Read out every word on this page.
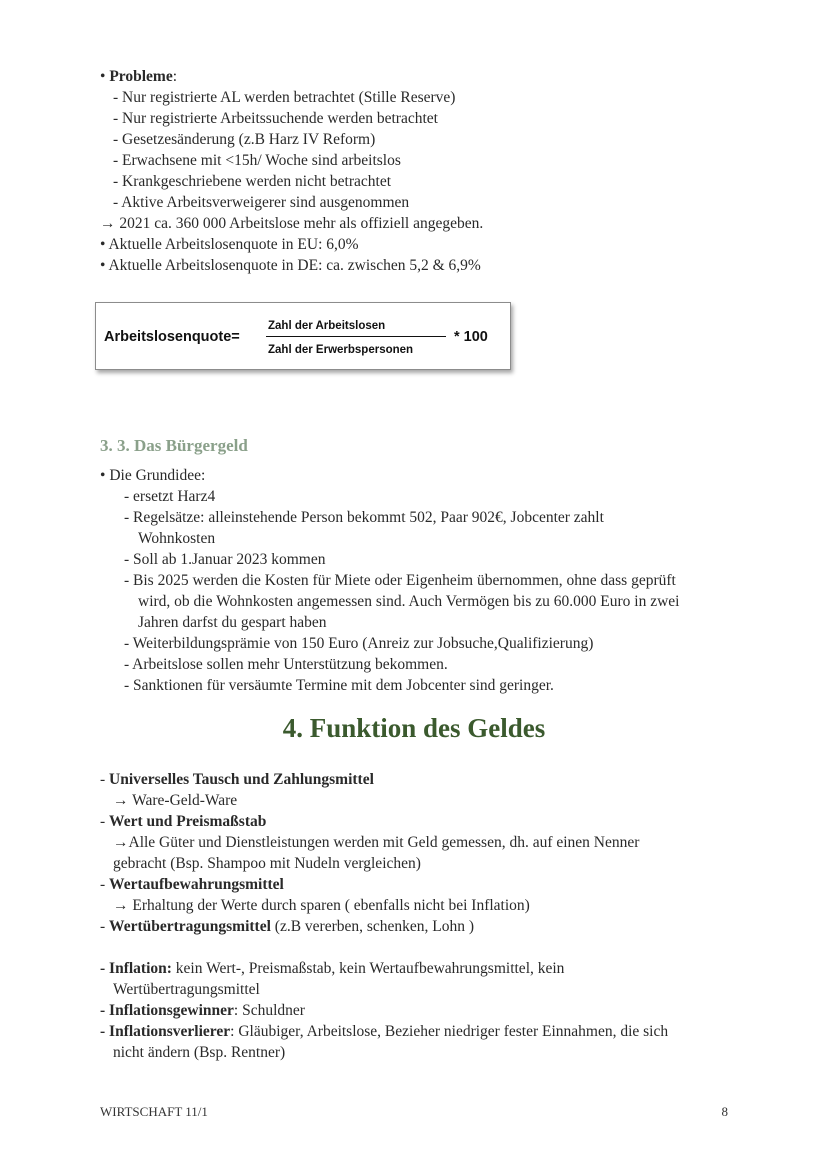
• Probleme:
- Nur registrierte AL werden betrachtet (Stille Reserve)
- Nur registrierte Arbeitssuchende werden betrachtet
- Gesetzesänderung (z.B Harz IV Reform)
- Erwachsene mit <15h/ Woche sind arbeitslos
- Krankgeschriebene werden nicht betrachtet
- Aktive Arbeitsverweigerer sind ausgenommen
→ 2021 ca. 360 000 Arbeitslose mehr als offiziell angegeben.
• Aktuelle Arbeitslosenquote in EU: 6,0%
• Aktuelle Arbeitslosenquote in DE: ca. zwischen 5,2 & 6,9%
Arbeitslosenquote=
Zahl der Arbeitslosen
Zahl der Erwerbspersonen
* 100
3. 3. Das Bürgergeld
• Die Grundidee:
- ersetzt Harz4
- Regelsätze: alleinstehende Person bekommt 502, Paar 902€, Jobcenter zahlt
Wohnkosten
- Soll ab 1.Januar 2023 kommen
- Bis 2025 werden die Kosten für Miete oder Eigenheim übernommen, ohne dass geprüft
wird, ob die Wohnkosten angemessen sind. Auch Vermögen bis zu 60.000 Euro in zwei
Jahren darfst du gespart haben
- Weiterbildungsprämie von 150 Euro (Anreiz zur Jobsuche,Qualifizierung)
- Arbeitslose sollen mehr Unterstützung bekommen.
- Sanktionen für versäumte Termine mit dem Jobcenter sind geringer.
4. Funktion des Geldes
- Universelles Tausch und Zahlungsmittel
→ Ware-Geld-Ware
- Wert und Preismaßstab
→Alle Güter und Dienstleistungen werden mit Geld gemessen, dh. auf einen Nenner
gebracht (Bsp. Shampoo mit Nudeln vergleichen)
- Wertaufbewahrungsmittel
→ Erhaltung der Werte durch sparen ( ebenfalls nicht bei Inflation)
- Wertübertragungsmittel (z.B vererben, schenken, Lohn )
- Inflation: kein Wert-, Preismaßstab, kein Wertaufbewahrungsmittel, kein
Wertübertragungsmittel
- Inflationsgewinner: Schuldner
- Inflationsverlierer: Gläubiger, Arbeitslose, Bezieher niedriger fester Einnahmen, die sich
nicht ändern (Bsp. Rentner)
WIRTSCHAFT 11/1	8
